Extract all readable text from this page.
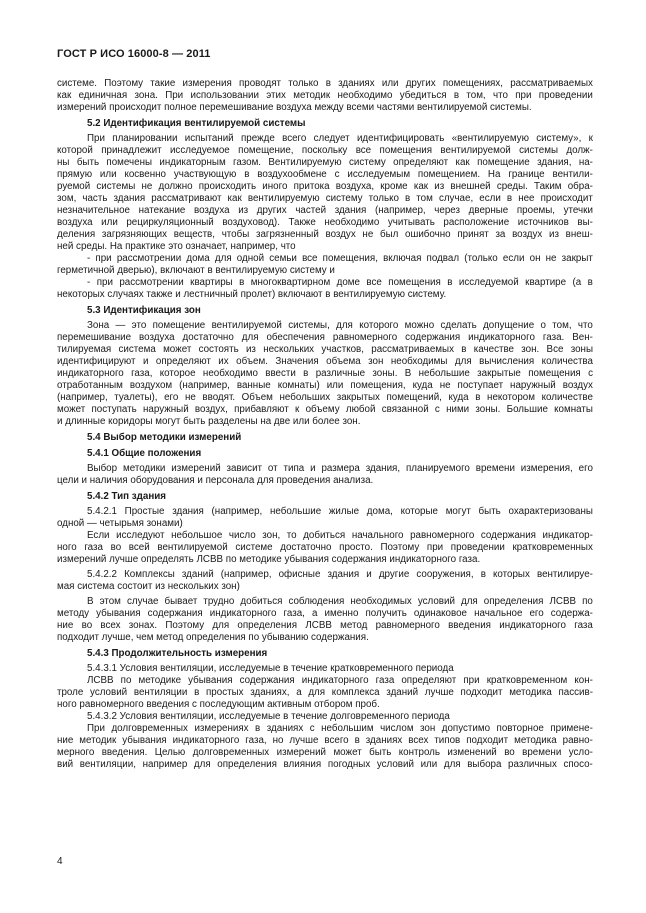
ГОСТ Р ИСО 16000-8 — 2011
системе. Поэтому такие измерения проводят только в зданиях или других помещениях, рассматриваемых
как единичная зона. При использовании этих методик необходимо убедиться в том, что при проведении
измерений происходит полное перемешивание воздуха между всеми частями вентилируемой системы.
5.2 Идентификация вентилируемой системы
При планировании испытаний прежде всего следует идентифицировать «вентилируемую систему», к
которой принадлежит исследуемое помещение, поскольку все помещения вентилируемой системы долж-
ны быть помечены индикаторным газом. Вентилируемую систему определяют как помещение здания, на-
прямую или косвенно участвующую в воздухообмене с исследуемым помещением. На границе вентили-
руемой системы не должно происходить иного притока воздуха, кроме как из внешней среды. Таким обра-
зом, часть здания рассматривают как вентилируемую систему только в том случае, если в нее происходит
незначительное натекание воздуха из других частей здания (например, через дверные проемы, утечки
воздуха или рециркуляционный воздуховод). Также необходимо учитывать расположение источников вы-
деления загрязняющих веществ, чтобы загрязненный воздух не был ошибочно принят за воздух из внеш-
ней среды. На практике это означает, например, что
- при рассмотрении дома для одной семьи все помещения, включая подвал (только если он не закрыт
герметичной дверью), включают в вентилируемую систему и
- при рассмотрении квартиры в многоквартирном доме все помещения в исследуемой квартире (а в
некоторых случаях также и лестничный пролет) включают в вентилируемую систему.
5.3 Идентификация зон
Зона — это помещение вентилируемой системы, для которого можно сделать допущение о том, что
перемешивание воздуха достаточно для обеспечения равномерного содержания индикаторного газа. Вен-
тилируемая система может состоять из нескольких участков, рассматриваемых в качестве зон. Все зоны
идентифицируют и определяют их объем. Значения объема зон необходимы для вычисления количества
индикаторного газа, которое необходимо ввести в различные зоны. В небольшие закрытые помещения с
отработанным воздухом (например, ванные комнаты) или помещения, куда не поступает наружный воздух
(например, туалеты), его не вводят. Объем небольших закрытых помещений, куда в некотором количестве
может поступать наружный воздух, прибавляют к объему любой связанной с ними зоны. Большие комнаты
и длинные коридоры могут быть разделены на две или более зон.
5.4 Выбор методики измерений
5.4.1 Общие положения
Выбор методики измерений зависит от типа и размера здания, планируемого времени измерения, его
цели и наличия оборудования и персонала для проведения анализа.
5.4.2 Тип здания
5.4.2.1 Простые здания (например, небольшие жилые дома, которые могут быть охарактеризованы
одной — четырьмя зонами)
Если исследуют небольшое число зон, то добиться начального равномерного содержания индикатор-
ного газа во всей вентилируемой системе достаточно просто. Поэтому при проведении кратковременных
измерений лучше определять ЛСВВ по методике убывания содержания индикаторного газа.
5.4.2.2 Комплексы зданий (например, офисные здания и другие сооружения, в которых вентилируе-
мая система состоит из нескольких зон)
В этом случае бывает трудно добиться соблюдения необходимых условий для определения ЛСВВ по
методу убывания содержания индикаторного газа, а именно получить одинаковое начальное его содержа-
ние во всех зонах. Поэтому для определения ЛСВВ метод равномерного введения индикаторного газа
подходит лучше, чем метод определения по убыванию содержания.
5.4.3 Продолжительность измерения
5.4.3.1 Условия вентиляции, исследуемые в течение кратковременного периода
ЛСВВ по методике убывания содержания индикаторного газа определяют при кратковременном кон-
троле условий вентиляции в простых зданиях, а для комплекса зданий лучше подходит методика пассив-
ного равномерного введения с последующим активным отбором проб.
5.4.3.2 Условия вентиляции, исследуемые в течение долговременного периода
При долговременных измерениях в зданиях с небольшим числом зон допустимо повторное примене-
ние методик убывания индикаторного газа, но лучше всего в зданиях всех типов подходит методика равно-
мерного введения. Целью долговременных измерений может быть контроль изменений во времени усло-
вий вентиляции, например для определения влияния погодных условий или для выбора различных спосо-
4
